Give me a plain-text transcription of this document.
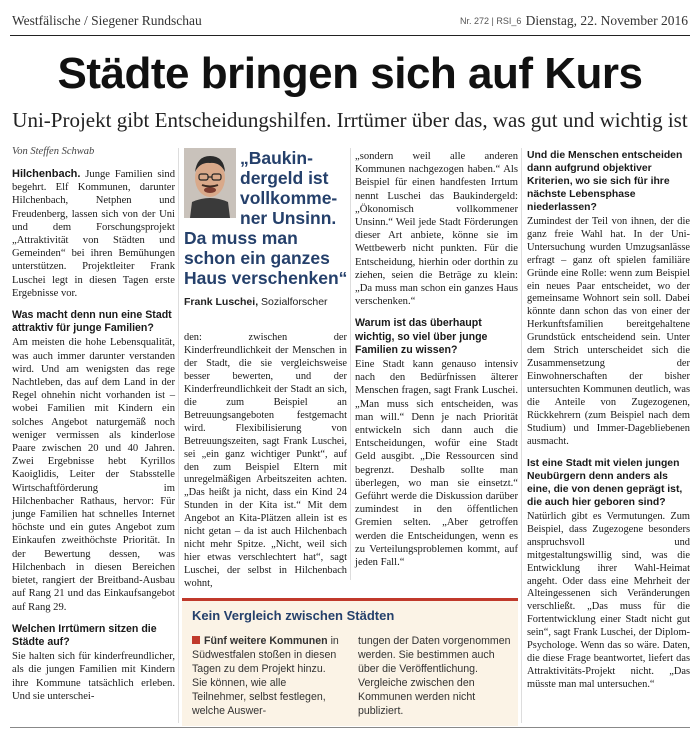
Westfälische / Siegener Rundschau	Nr. 272 | RSI_6 Dienstag, 22. November 2016
Städte bringen sich auf Kurs
Uni-Projekt gibt Entscheidungshilfen. Irrtümer über das, was gut und wichtig ist
Von Steffen Schwab

Hilchenbach. Junge Familien sind begehrt. Elf Kommunen, darunter Hilchenbach, Netphen und Freudenberg, lassen sich von der Uni und dem Forschungsprojekt „Attraktivität von Städten und Gemeinden“ bei ihren Bemühungen unterstützen. Projektleiter Frank Luschei legt in diesen Tagen erste Ergebnisse vor.

Was macht denn nun eine Stadt attraktiv für junge Familien?

Am meisten die hohe Lebensqualität, was auch immer darunter verstanden wird. Und am wenigsten das rege Nachtleben, das auf dem Land in der Regel ohnehin nicht vorhanden ist – wobei Familien mit Kindern ein solches Angebot naturgemäß noch weniger vermissen als kinderlose Paare zwischen 20 und 40 Jahren. Zwei Ergebnisse hebt Kyrillos Kaoiglidis, Leiter der Stabsstelle Wirtschaftförderung im Hilchenbacher Rathaus, hervor: Für junge Familien hat schnelles Internet höchste und ein gutes Angebot zum Einkaufen zweithöchste Priorität. In der Bewertung dessen, was Hilchenbach in diesen Bereichen bietet, rangiert der Breitband-Ausbau auf Rang 21 und das Einkaufsangebot auf Rang 29.

Welchen Irrtümern sitzen die Städte auf?

Sie halten sich für kinderfreundlicher, als die jungen Familien mit Kindern ihre Kommune tatsächlich erleben. Und sie unterschei-

„Baukin-dergeld ist vollkomme-ner Unsinn.
Da muss man schon ein ganzes Haus verschenken“
Frank Luschei, Sozialforscher

den: zwischen der Kinderfreundlichkeit der Menschen in der Stadt, die sie vergleichsweise besser bewerten, und der Kinderfreundlichkeit der Stadt an sich, die zum Beispiel an Betreuungsangeboten festgemacht wird. Flexibilisierung von Betreuungszeiten, sagt Frank Luschei, sei „ein ganz wichtiger Punkt“, auf den zum Beispiel Eltern mit unregelmäßigen Arbeitszeiten achten. „Das heißt ja nicht, dass ein Kind 24 Stunden in der Kita ist.“ Mit dem Angebot an Kita-Plätzen allein ist es nicht getan – da ist auch Hilchenbach nicht mehr Spitze. „Nicht, weil sich hier etwas verschlechtert hat“, sagt Luschei, der selbst in Hilchenbach wohnt,

„sondern weil alle anderen Kommunen nachgezogen haben.“ Als Beispiel für einen handfesten Irrtum nennt Luschei das Baukindergeld: „Ökonomisch vollkommener Unsinn.“ Weil jede Stadt Förderungen dieser Art anbiete, könne sie im Wettbewerb nicht punkten. Für die Entscheidung, hierhin oder dorthin zu ziehen, seien die Beträge zu klein: „Da muss man schon ein ganzes Haus verschenken.“

Warum ist das überhaupt wichtig, so viel über junge Familien zu wissen?

Eine Stadt kann genauso intensiv nach den Bedürfnissen älterer Menschen fragen, sagt Frank Luschei. „Man muss sich entscheiden, was man will.“ Denn je nach Priorität entwickeln sich dann auch die Entscheidungen, wofür eine Stadt Geld ausgibt. „Die Ressourcen sind begrenzt. Deshalb sollte man überlegen, wo man sie einsetzt.“ Geführt werde die Diskussion darüber zumindest in den öffentlichen Gremien selten. „Aber getroffen werden die Entscheidungen, wenn es zu Verteilungsproblemen kommt, auf jeden Fall.“

Und die Menschen entscheiden dann aufgrund objektiver Kriterien, wo sie sich für ihre nächste Lebensphase niederlassen?

Zumindest der Teil von ihnen, der die ganz freie Wahl hat. In der Uni-Untersuchung wurden Umzugsanlässe erfragt – ganz oft spielen familiäre Gründe eine Rolle: wenn zum Beispiel ein neues Paar entscheidet, wo der gemeinsame Wohnort sein soll. Dabei könnte dann schon das von einer der Herkunftsfamilien bereitgehaltene Grundstück entscheidend sein. Unter dem Strich unterscheidet sich die Zusammensetzung der Einwohnerschaften der bisher untersuchten Kommunen deutlich, was die Anteile von Zugezogenen, Rückkehrern (zum Beispiel nach dem Studium) und Immer-Dagebliebenen ausmacht.

Ist eine Stadt mit vielen jungen Neubürgern denn anders als eine, die von denen geprägt ist, die auch hier geboren sind?

Natürlich gibt es Vermutungen. Zum Beispiel, dass Zugezogene besonders anspruchsvoll und mitgestaltungswillig sind, was die Entwicklung ihrer Wahl-Heimat angeht. Oder dass eine Mehrheit der Alteingessenen sich Veränderungen verschließt. „Das muss für die Fortentwicklung einer Stadt nicht gut sein“, sagt Frank Luschei, der Diplom-Psychologe. Wenn das so wäre. Daten, die diese Frage beantwortet, liefert das Attraktivitäts-Projekt nicht. „Das müsste man mal untersuchen.“

Kein Vergleich zwischen Städten
Fünf weitere Kommunen in Südwestfalen stoßen in diesen Tagen zu dem Projekt hinzu. Sie können, wie alle Teilnehmer, selbst festlegen, welche Auswer-
tungen der Daten vorgenommen werden. Sie bestimmen auch über die Veröffentlichung. Vergleiche zwischen den Kommunen werden nicht publiziert.
